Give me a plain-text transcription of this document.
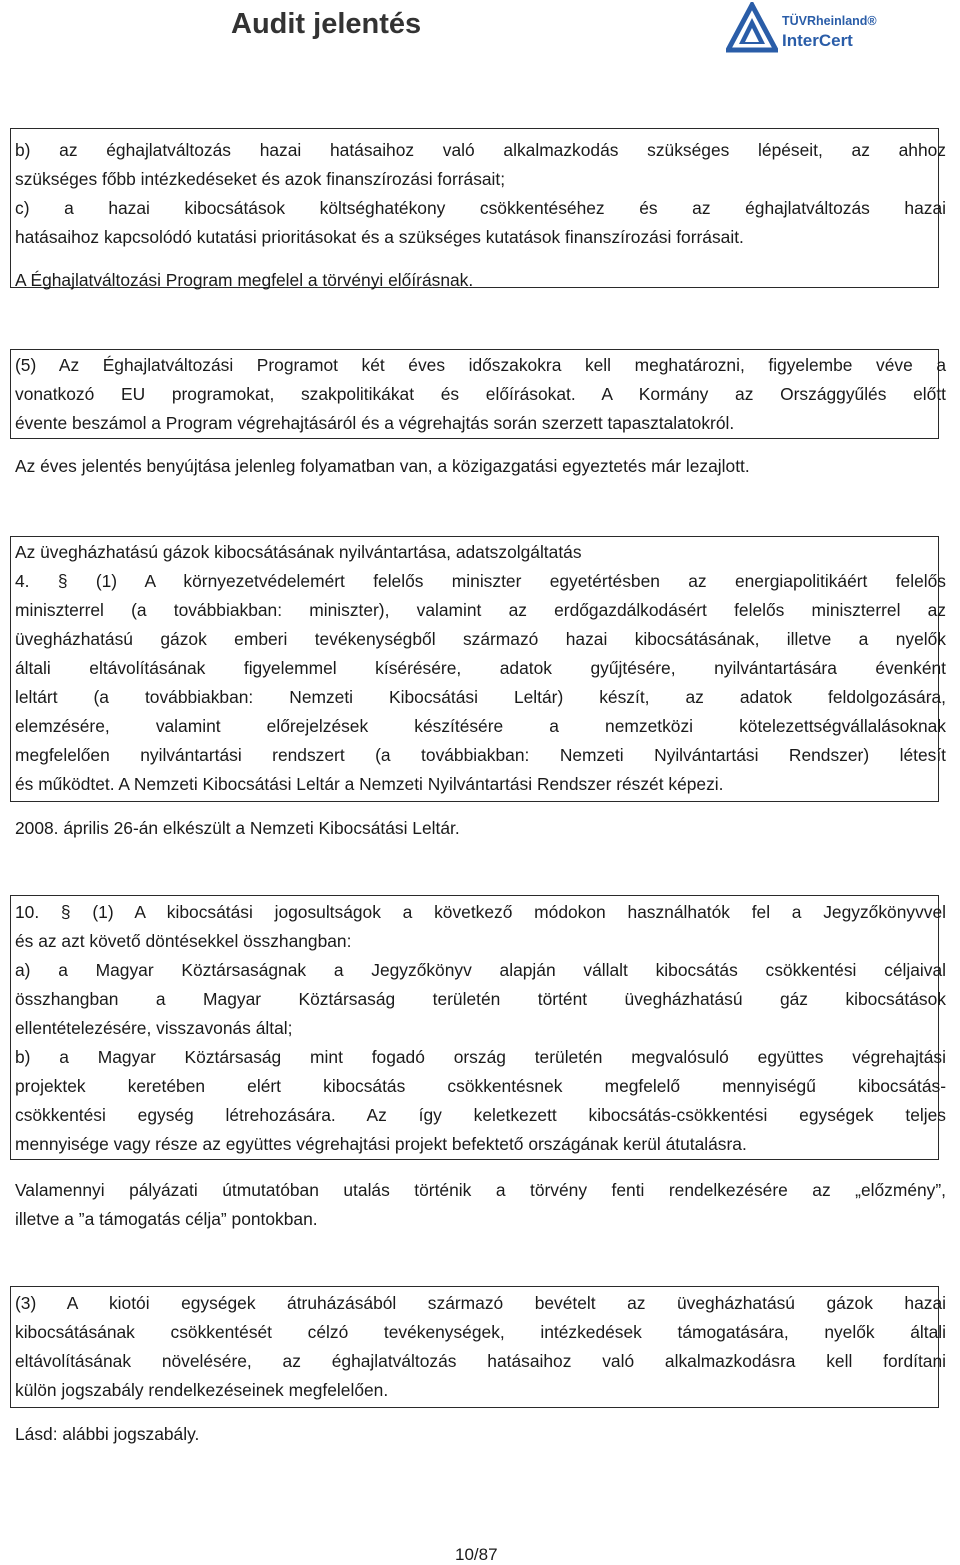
Audit jelentés	TÜVRheinland®
InterCert
b) az éghajlatváltozás hazai hatásaihoz való alkalmazkodás szükséges lépéseit, az ahhoz
szükséges főbb intézkedéseket és azok finanszírozási forrásait;
c) a hazai kibocsátások költséghatékony csökkentéséhez és az éghajlatváltozás hazai
hatásaihoz kapcsolódó kutatási prioritásokat és a szükséges kutatások finanszírozási forrásait.
A Éghajlatváltozási Program megfelel a törvényi előírásnak.
(5) Az Éghajlatváltozási Programot két éves időszakokra kell meghatározni, figyelembe véve a
vonatkozó EU programokat, szakpolitikákat és előírásokat. A Kormány az Országgyűlés előtt
évente beszámol a Program végrehajtásáról és a végrehajtás során szerzett tapasztalatokról.
Az éves jelentés benyújtása jelenleg folyamatban van, a közigazgatási egyeztetés már lezajlott.
Az üvegházhatású gázok kibocsátásának nyilvántartása, adatszolgáltatás
4. § (1) A környezetvédelemért felelős miniszter egyetértésben az energiapolitikáért felelős
miniszterrel (a továbbiakban: miniszter), valamint az erdőgazdálkodásért felelős miniszterrel az
üvegházhatású gázok emberi tevékenységből származó hazai kibocsátásának, illetve a nyelők
általi eltávolításának figyelemmel kísérésére, adatok gyűjtésére, nyilvántartására évenként
leltárt (a továbbiakban: Nemzeti Kibocsátási Leltár) készít, az adatok feldolgozására,
elemzésére, valamint előrejelzések készítésére a nemzetközi kötelezettségvállalásoknak
megfelelően nyilvántartási rendszert (a továbbiakban: Nemzeti Nyilvántartási Rendszer) létesít
és működtet. A Nemzeti Kibocsátási Leltár a Nemzeti Nyilvántartási Rendszer részét képezi.
2008. április 26-án elkészült a Nemzeti Kibocsátási Leltár.
10. § (1) A kibocsátási jogosultságok a következő módokon használhatók fel a Jegyzőkönyvvel
és az azt követő döntésekkel összhangban:
a) a Magyar Köztársaságnak a Jegyzőkönyv alapján vállalt kibocsátás csökkentési céljaival
összhangban a Magyar Köztársaság területén történt üvegházhatású gáz kibocsátások
ellentételezésére, visszavonás által;
b) a Magyar Köztársaság mint fogadó ország területén megvalósuló együttes végrehajtási
projektek keretében elért kibocsátás csökkentésnek megfelelő mennyiségű kibocsátás-
csökkentési egység létrehozására. Az így keletkezett kibocsátás-csökkentési egységek teljes
mennyisége vagy része az együttes végrehajtási projekt befektető országának kerül átutalásra.
Valamennyi pályázati útmutatóban utalás történik a törvény fenti rendelkezésére az „előzmény”,
illetve a ”a támogatás célja” pontokban.
(3) A kiotói egységek átruházásából származó bevételt az üvegházhatású gázok hazai
kibocsátásának csökkentését célzó tevékenységek, intézkedések támogatására, nyelők általi
eltávolításának növelésére, az éghajlatváltozás hatásaihoz való alkalmazkodásra kell fordítani
külön jogszabály rendelkezéseinek megfelelően.
Lásd: alábbi jogszabály.
10/87
